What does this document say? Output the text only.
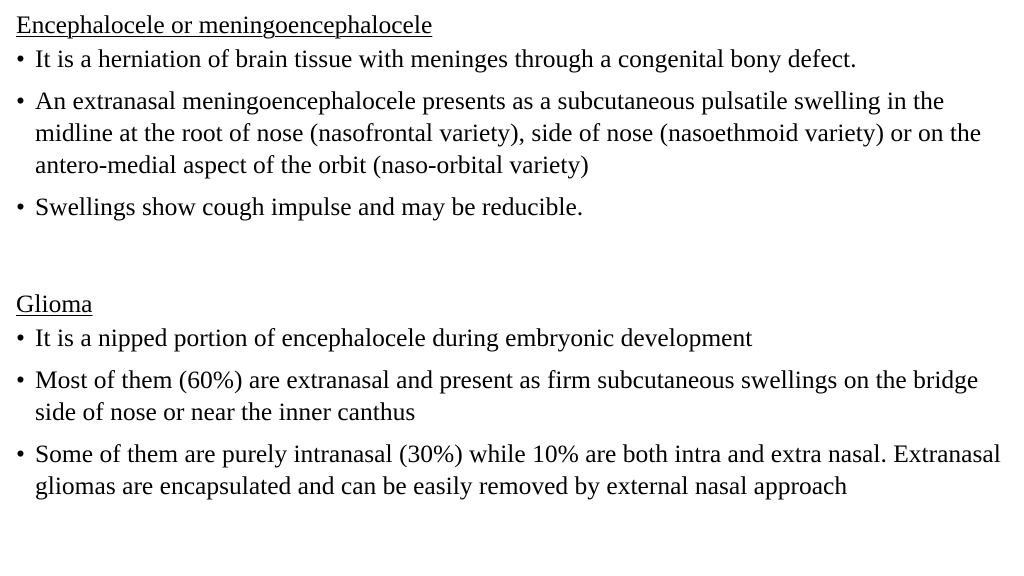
Encephalocele or meningoencephalocele
• It is a herniation of brain tissue with meninges through a congenital bony defect.
• An extranasal meningoencephalocele presents as a subcutaneous pulsatile swelling in the midline at the root of nose (nasofrontal variety), side of nose (nasoethmoid variety) or on the antero-medial aspect of the orbit (naso-orbital variety)
• Swellings show cough impulse and may be reducible.
Glioma
• It is a nipped portion of encephalocele during embryonic development
• Most of them (60%) are extranasal and present as firm subcutaneous swellings on the bridge side of nose or near the inner canthus
• Some of them are purely intranasal (30%) while 10% are both intra and extra nasal. Extranasal gliomas are encapsulated and can be easily removed by external nasal approach
